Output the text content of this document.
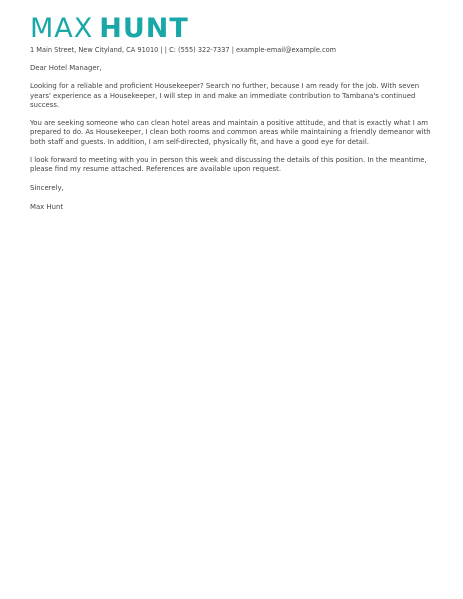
MAX HUNT
1 Main Street, New Cityland, CA 91010 | | C: (555) 322-7337 | example-email@example.com

Dear Hotel Manager,

Looking for a reliable and proficient Housekeeper? Search no further, because I am ready for the job. With seven years' experience as a Housekeeper, I will step in and make an immediate contribution to Tambana's continued success.

You are seeking someone who can clean hotel areas and maintain a positive attitude, and that is exactly what I am prepared to do. As Housekeeper, I clean both rooms and common areas while maintaining a friendly demeanor with both staff and guests. In addition, I am self-directed, physically fit, and have a good eye for detail.

I look forward to meeting with you in person this week and discussing the details of this position. In the meantime, please find my resume attached. References are available upon request.

Sincerely,

Max Hunt
